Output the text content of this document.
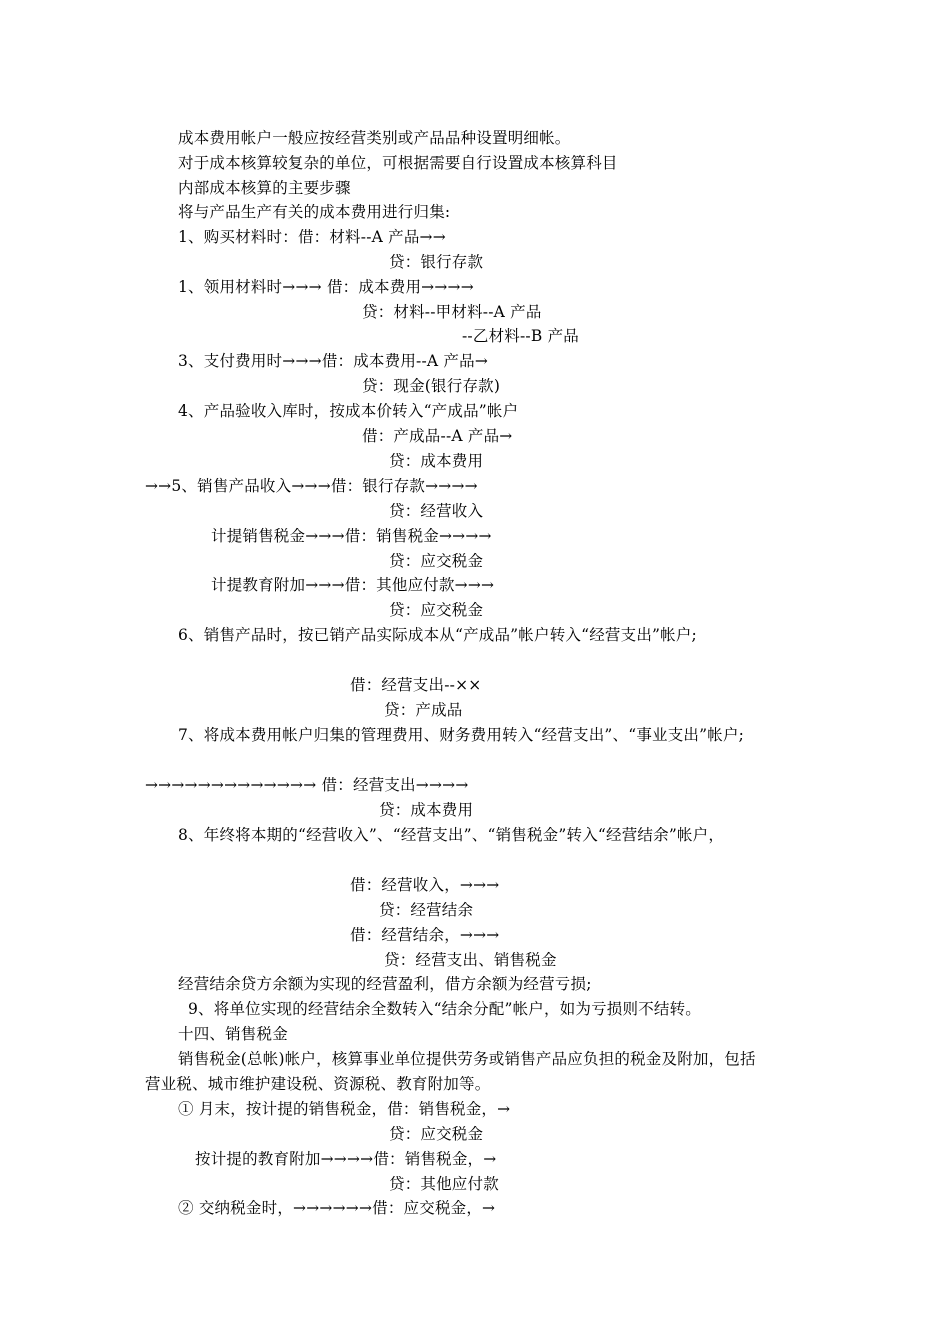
成本费用帐户一般应按经营类别或产品品种设置明细帐。
对于成本核算较复杂的单位，可根据需要自行设置成本核算科目
内部成本核算的主要步骤
将与产品生产有关的成本费用进行归集:
1、购买材料时：借：材料--A 产品→→
贷：银行存款
1、领用材料时→→→ 借：成本费用→→→→
贷：材料--甲材料--A 产品
--乙材料--B 产品
3、支付费用时→→→借：成本费用--A 产品→
贷：现金(银行存款)
4、产品验收入库时，按成本价转入“产成品”帐户
借：产成品--A 产品→
贷：成本费用
→→5、销售产品收入→→→借：银行存款→→→→
贷：经营收入
计提销售税金→→→借：销售税金→→→→
贷：应交税金
计提教育附加→→→借：其他应付款→→→
贷：应交税金
6、销售产品时，按已销产品实际成本从“产成品”帐户转入“经营支出”帐户;
借：经营支出--××
贷：产成品
7、将成本费用帐户归集的管理费用、财务费用转入“经营支出”、“事业支出”帐户;
→→→→→→→→→→→→→ 借：经营支出→→→→
贷：成本费用
8、年终将本期的“经营收入”、“经营支出”、“销售税金”转入“经营结余”帐户，
借：经营收入，→→→
贷：经营结余
借：经营结余，→→→
贷：经营支出、销售税金
经营结余贷方余额为实现的经营盈利，借方余额为经营亏损;
9、将单位实现的经营结余全数转入“结余分配”帐户，如为亏损则不结转。
十四、销售税金
销售税金(总帐)帐户，核算事业单位提供劳务或销售产品应负担的税金及附加，包括
营业税、城市维护建设税、资源税、教育附加等。
① 月末，按计提的销售税金，借：销售税金，→
贷：应交税金
按计提的教育附加→→→→借：销售税金，→
贷：其他应付款
② 交纳税金时，→→→→→→借：应交税金，→
